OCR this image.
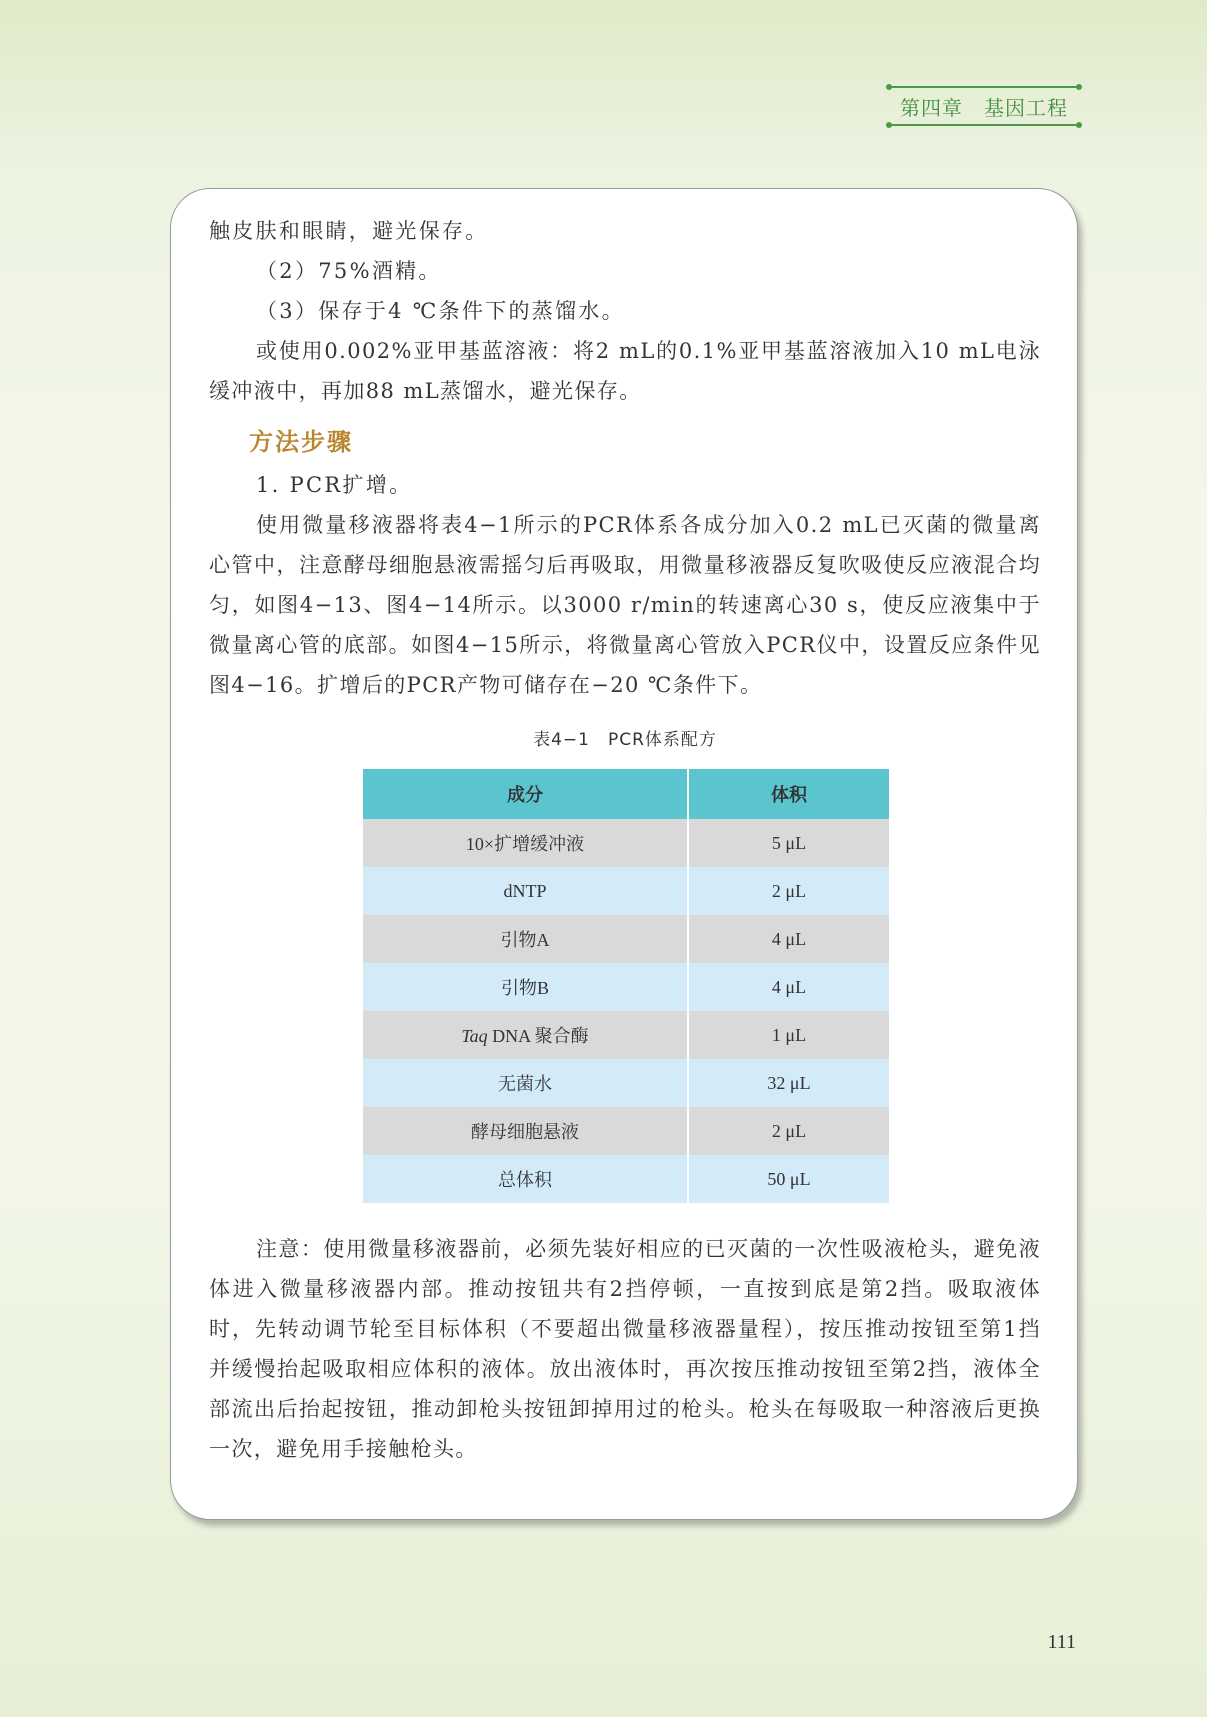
第四章　基因工程

触皮肤和眼睛，避光保存。

（2）75%酒精。

（3）保存于4 ℃条件下的蒸馏水。

或使用0.002%亚甲基蓝溶液：将2 mL的0.1%亚甲基蓝溶液加入10 mL电泳缓冲液中，再加88 mL蒸馏水，避光保存。

方法步骤

1. PCR扩增。

使用微量移液器将表4−1所示的PCR体系各成分加入0.2 mL已灭菌的微量离心管中，注意酵母细胞悬液需摇匀后再吸取，用微量移液器反复吹吸使反应液混合均匀，如图4−13、图4−14所示。以3000 r/min的转速离心30 s，使反应液集中于微量离心管的底部。如图4−15所示，将微量离心管放入PCR仪中，设置反应条件见图4−16。扩增后的PCR产物可储存在−20 ℃条件下。

表4−1　PCR体系配方
成分	体积
10×扩增缓冲液	5 μL
dNTP	2 μL
引物A	4 μL
引物B	4 μL
Taq DNA 聚合酶	1 μL
无菌水	32 μL
酵母细胞悬液	2 μL
总体积	50 μL

注意：使用微量移液器前，必须先装好相应的已灭菌的一次性吸液枪头，避免液体进入微量移液器内部。推动按钮共有2挡停顿，一直按到底是第2挡。吸取液体时，先转动调节轮至目标体积（不要超出微量移液器量程），按压推动按钮至第1挡并缓慢抬起吸取相应体积的液体。放出液体时，再次按压推动按钮至第2挡，液体全部流出后抬起按钮，推动卸枪头按钮卸掉用过的枪头。枪头在每吸取一种溶液后更换一次，避免用手接触枪头。

111
